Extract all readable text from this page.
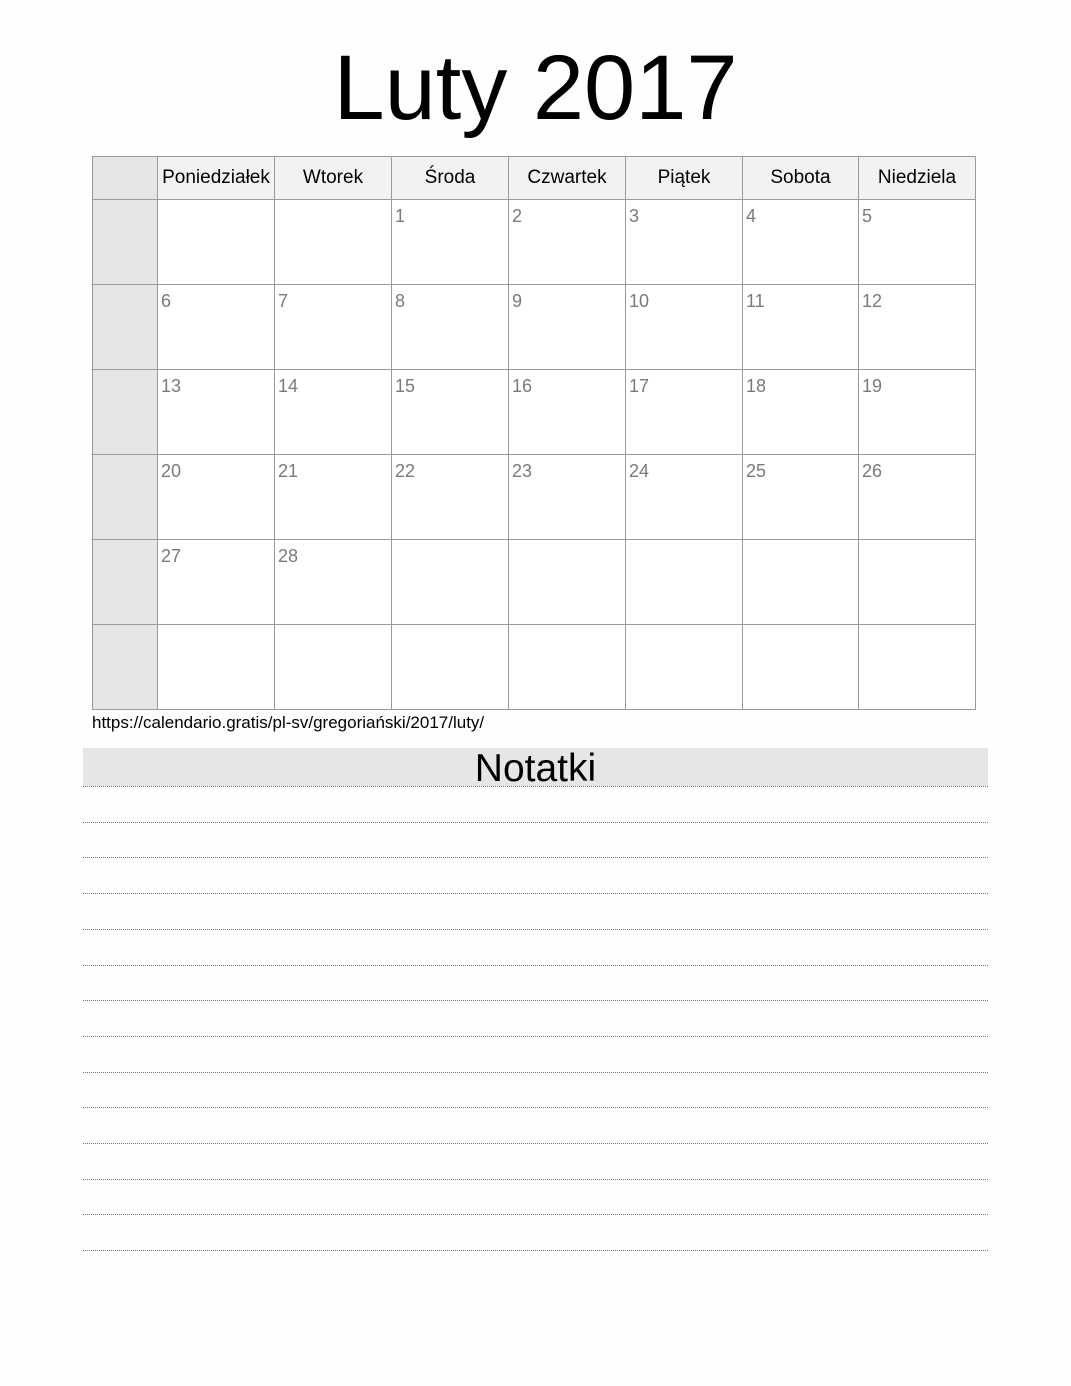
Luty 2017
	Poniedziałek	Wtorek	Środa	Czwartek	Piątek	Sobota	Niedziela

			1	2	3	4	5

	6	7	8	9	10	11	12

	13	14	15	16	17	18	19

	20	21	22	23	24	25	26

	27	28					

https://calendario.gratis/pl-sv/gregoriański/2017/luty/
Notatki
